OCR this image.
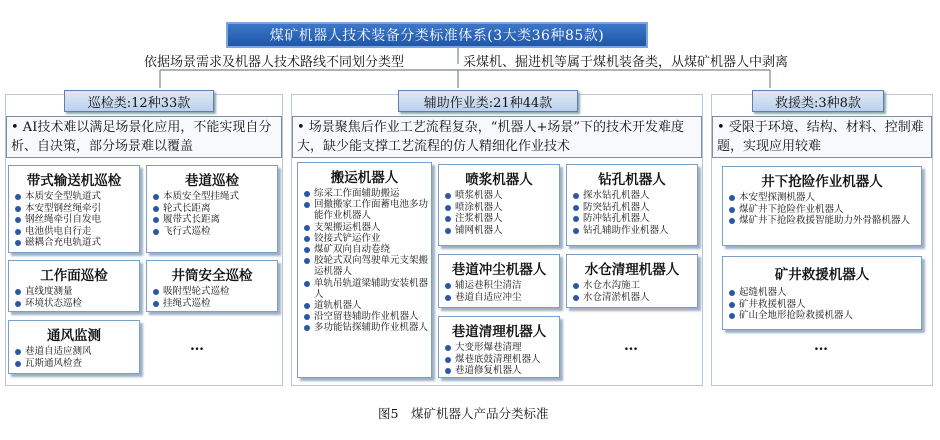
煤矿机器人技术装备分类标准体系(3大类36种85款)
依据场景需求及机器人技术路线不同划分类型	采煤机、掘进机等属于煤机装备类，从煤矿机器人中剥离
巡检类:12种33款
• AI技术难以满足场景化应用，不能实现自分析、自决策，部分场景难以覆盖
带式输送机巡检
本质安全型轨道式
本安型钢丝绳牵引
钢丝绳牵引自发电
电池供电自行走
磁耦合充电轨道式
巷道巡检
本质安全型挂绳式
轮式长距离
履带式长距离
飞行式巡检
工作面巡检
直线度测量
环境状态巡检
井筒安全巡检
吸附型轮式巡检
挂绳式巡检
通风监测
巷道自适应测风
瓦斯通风检查
…
辅助作业类:21种44款
• 场景聚焦后作业工艺流程复杂，“机器人+场景”下的技术开发难度大，缺少能支撑工艺流程的仿人精细化作业技术
搬运机器人
综采工作面辅助搬运
回撤搬家工作面蓄电池多功能作业机器人
支架搬运机器人
铰接式铲运作业
煤矿双向自动卷绕
胶轮式双向驾驶单元支架搬运机器人
单轨吊轨道梁辅助安装机器人
道轨机器人
沿空留巷辅助作业机器人
多功能钻探辅助作业机器人
喷浆机器人
喷浆机器人
喷涂机器人
注浆机器人
铺网机器人
钻孔机器人
探水钻孔机器人
防突钻孔机器人
防冲钻孔机器人
钻孔辅助作业机器人
巷道冲尘机器人
辅运巷积尘清洁
巷道自适应冲尘
水仓清理机器人
水仓水沟施工
水仓清淤机器人
巷道清理机器人
大变形爆巷清理
煤巷底鼓清理机器人
巷道修复机器人
…
救援类:3种8款
• 受限于环境、结构、材料、控制难题，实现应用较难
井下抢险作业机器人
本安型探测机器人
煤矿井下抢险作业机器人
煤矿井下抢险救援智能助力外骨骼机器人
矿井救援机器人
起缝机器人
矿井救援机器人
矿山全地形抢险救援机器人
…
图5　煤矿机器人产品分类标准
